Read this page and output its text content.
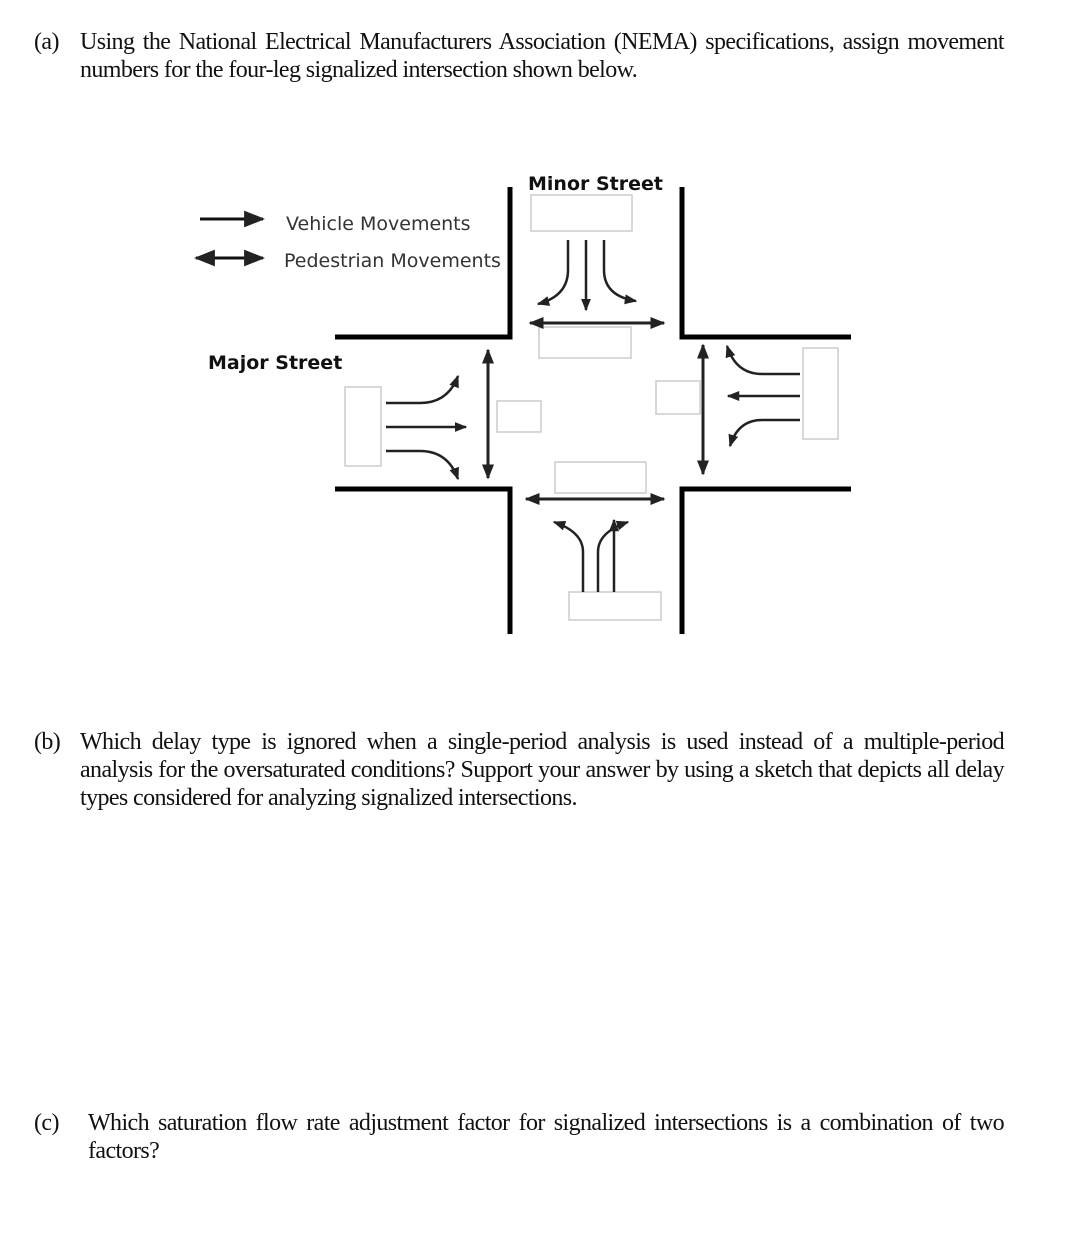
(a) Using the National Electrical Manufacturers Association (NEMA) specifications, assign movement numbers for the four-leg signalized intersection shown below.
Vehicle Movements
Pedestrian Movements
Minor Street
Major Street
(b) Which delay type is ignored when a single-period analysis is used instead of a multiple-period analysis for the oversaturated conditions? Support your answer by using a sketch that depicts all delay types considered for analyzing signalized intersections.
(c) Which saturation flow rate adjustment factor for signalized intersections is a combination of two factors?
